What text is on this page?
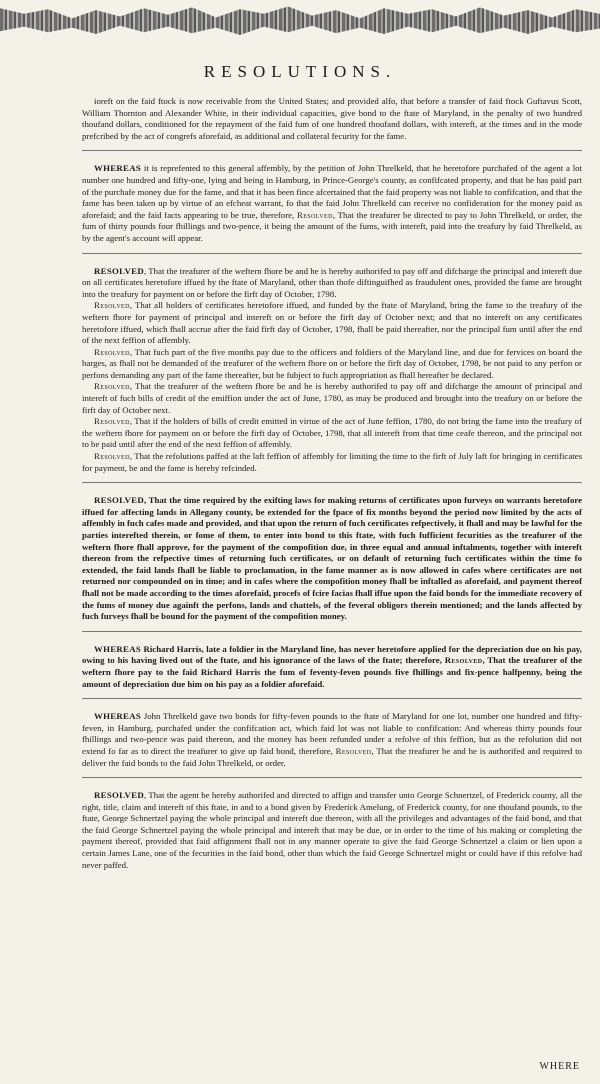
RESOLUTIONS.

ioreft on the faid ftock is now receivable from the United States; and provided alfo, that before a transfer of faid ftock Guftavus Scott, William Thornton and Alexander White, in their individual capacities, give bond to the ftate of Maryland, in the penalty of two hundred thoufand dollars, conditioned for the repayment of the faid fum of one hundred thoufand dollars, with intereft, at the times and in the mode prefcribed by the act of congrefs aforefaid, as additional and collateral fecurity for the fame.

WHEREAS it is reprefented to this general affembly, by the petition of John Threlkeld, that he heretofore purchafed of the agent a lot number one hundred and fifty-one, lying and being in Hamburg, in Prince-George's county, as confifcated property, and that he has paid part of the purchafe money due for the fame, and that it has been fince afcertained that the faid property was not liable to confifcation, and that the fame has been taken up by virtue of an efcheat warrant, fo that the faid John Threlkeld can receive no confideration for the money paid as aforefaid; and the faid facts appearing to be true, therefore, Resolved, That the treafurer be directed to pay to John Threlkeld, or order, the fum of thirty pounds four fhillings and two-pence, it being the amount of the fums, with intereft, paid into the treafury by faid Threlkeld, as by the agent's account will appear.

RESOLVED, That the treafurer of the weftern fhore be and he is hereby authorifed to pay off and difcharge the principal and intereft due on all certificates heretofore iffued by the ftate of Maryland, other than thofe diftinguifhed as fraudulent ones, provided the fame are brought into the treafury for payment on or before the firft day of October, 1798.

Resolved, That all holders of certificates heretofore iffued, and funded by the ftate of Maryland, bring the fame to the treafury of the weftern fhore for payment of principal and intereft on or before the firft day of October next; and that no intereft on any certificates heretofore iffued, which fhall accrue after the faid firft day of October, 1798, fhall be paid thereafter, nor the principal fum until after the end of the next feffion of affembly.

Resolved, That fuch part of the five months pay due to the officers and foldiers of the Maryland line, and due for fervices on board the barges, as fhall not be demanded of the treafurer of the weftern fhore on or before the firft day of October, 1798, be not paid to any perfon or perfons demanding any part of the fame thereafter, but be fubject to fuch appropriation as fhall hereafter be declared.

Resolved, That the treafurer of the weftern fhore be and he is hereby authorifed to pay off and difcharge the amount of principal and intereft of fuch bills of credit of the emiffion under the act of June, 1780, as may be produced and brought into the treafury on or before the firft day of October next.

Resolved, That if the holders of bills of credit emitted in virtue of the act of June feffion, 1780, do not bring the fame into the treafury of the weftern fhore for payment on or before the firft day of October, 1798, that all intereft from that time ceafe thereon, and the principal not to be paid until after the end of the next feffion of affembly.

Resolved, That the refolutions paffed at the laft feffion of affembly for limiting the time to the firft of July laft for bringing in certificates for payment, be and the fame is hereby refcinded.

RESOLVED, That the time required by the exifting laws for making returns of certificates upon furveys on warrants heretofore iffued for affecting lands in Allegany county, be extended for the fpace of fix months beyond the period now limited by the acts of affembly in fuch cafes made and provided, and that upon the return of fuch certificates refpectively, it fhall and may be lawful for the parties interefted therein, or fome of them, to enter into bond to this ftate, with fuch fufficient fecurities as the treafurer of the weftern fhore fhall approve, for the payment of the compofition due, in three equal and annual inftalments, together with intereft thereon from the refpective times of returning fuch certificates, or on default of returning fuch certificates within the time fo extended, the faid lands fhall be liable to proclamation, in the fame manner as is now allowed in cafes where certificates are not returned nor compounded on in time; and in cafes where the compofition money fhall be inftalled as aforefaid, and payment thereof fhall not be made according to the times aforefaid, procefs of fcire facias fhall iffue upon the faid bonds for the immediate recovery of the fums of money due againft the perfons, lands and chattels, of the feveral obligors therein mentioned; and the lands affected by fuch furveys fhall be bound for the payment of the compofition money.

WHEREAS Richard Harris, late a foldier in the Maryland line, has never heretofore applied for the depreciation due on his pay, owing to his having lived out of the ftate, and his ignorance of the laws of the ftate; therefore, Resolved, That the treafurer of the weftern fhore pay to the faid Richard Harris the fum of feventy-feven pounds five fhillings and fix-pence halfpenny, being the amount of depreciation due him on his pay as a foldier aforefaid.

WHEREAS John Threlkeld gave two bonds for fifty-feven pounds to the ftate of Maryland for one lot, number one hundred and fifty-feven, in Hamburg, purchafed under the confifcation act, which faid lot was not liable to confifcation: And whereas thirty pounds four fhillings and two-pence was paid thereon, and the money has been refunded under a refolve of this feffion, but as the refolution did not extend fo far as to direct the treafurer to give up faid bond, therefore, Resolved, That the treafurer be and he is authorifed and required to deliver the faid bonds to the faid John Threlkeld, or order.

RESOLVED, That the agent be hereby authorifed and directed to affign and transfer unto George Schnertzel, of Frederick county, all the right, title, claim and intereft of this ftate, in and to a bond given by Frederick Amelung, of Frederick county, for one thoufand pounds, to the ftate, George Schnertzel paying the whole principal and intereft due thereon, with all the privileges and advantages of the faid bond, and that the faid George Schnertzel paying the whole principal and intereft that may be due, or in order to the time of his making or completing the payment thereof, provided that faid affignment fhall not in any manner operate to give the faid George Schnertzel a claim or lien upon a certain James Lane, one of the fecurities in the faid bond, other than which the faid George Schnertzel might or could have if this refolve had never paffed.

WHERE
